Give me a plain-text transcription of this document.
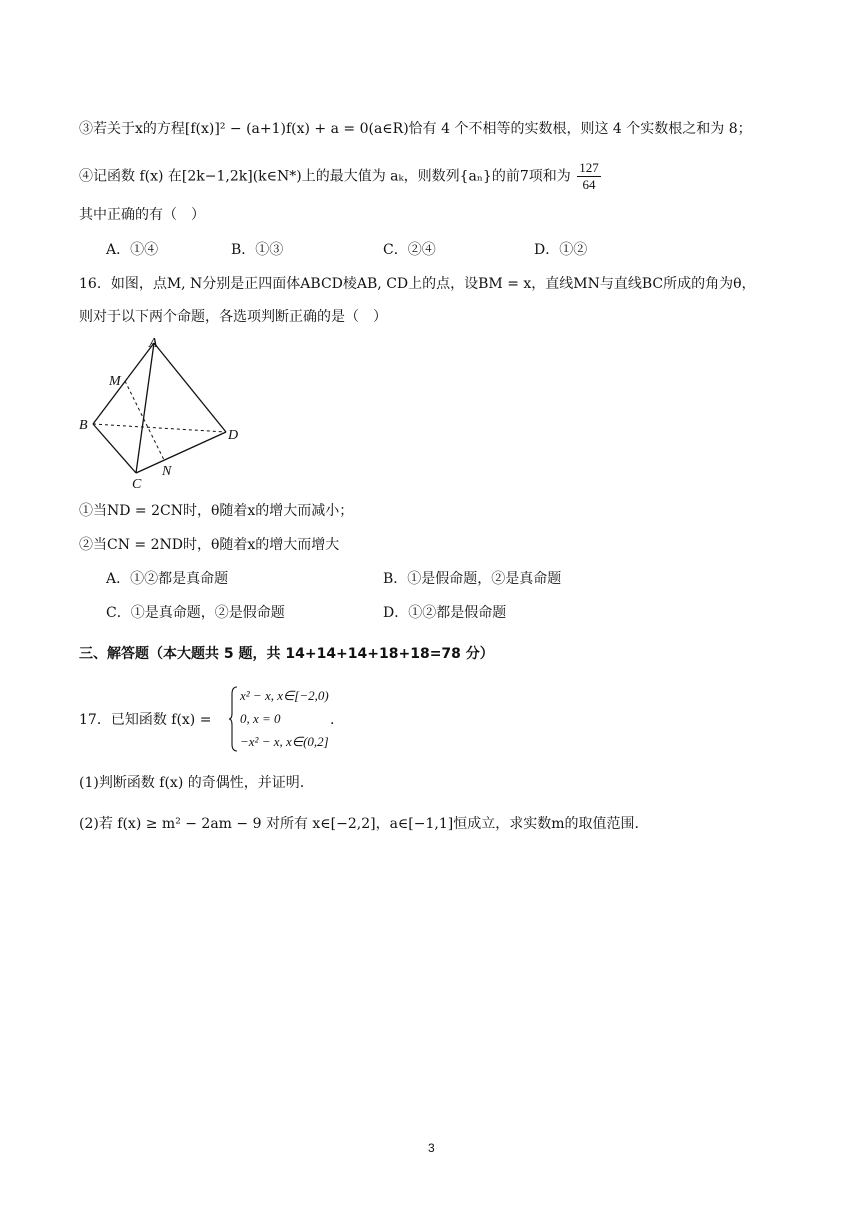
③若关于x的方程[f(x)]² − (a+1)f(x) + a = 0(a∈R)恰有 4 个不相等的实数根，则这 4 个实数根之和为 8；
④记函数 f(x) 在[2k−1,2k](k∈N*)上的最大值为 aₖ，则数列{aₙ}的前7项和为 $\frac{127}{64}$
其中正确的有（　）
A．①④	B．①③	C．②④	D．①②
16．如图，点M, N分别是正四面体ABCD棱AB, CD上的点，设BM = x，直线MN与直线BC所成的角为θ，
则对于以下两个命题，各选项判断正确的是（　）
A
M
B
D
N
C
①当ND = 2CN时，θ随着x的增大而减小；
②当CN = 2ND时，θ随着x的增大而增大
A．①②都是真命题	B．①是假命题，②是真命题
C．①是真命题，②是假命题	D．①②都是假命题
三、解答题（本大题共 5 题，共 14+14+14+18+18=78 分）
17．已知函数 f(x) =
x² − x, x∈[−2,0)
0, x = 0
−x² − x, x∈(0,2]
.
(1)判断函数 f(x) 的奇偶性，并证明.
(2)若 f(x) ≥ m² − 2am − 9 对所有 x∈[−2,2]，a∈[−1,1]恒成立，求实数m的取值范围.
3
